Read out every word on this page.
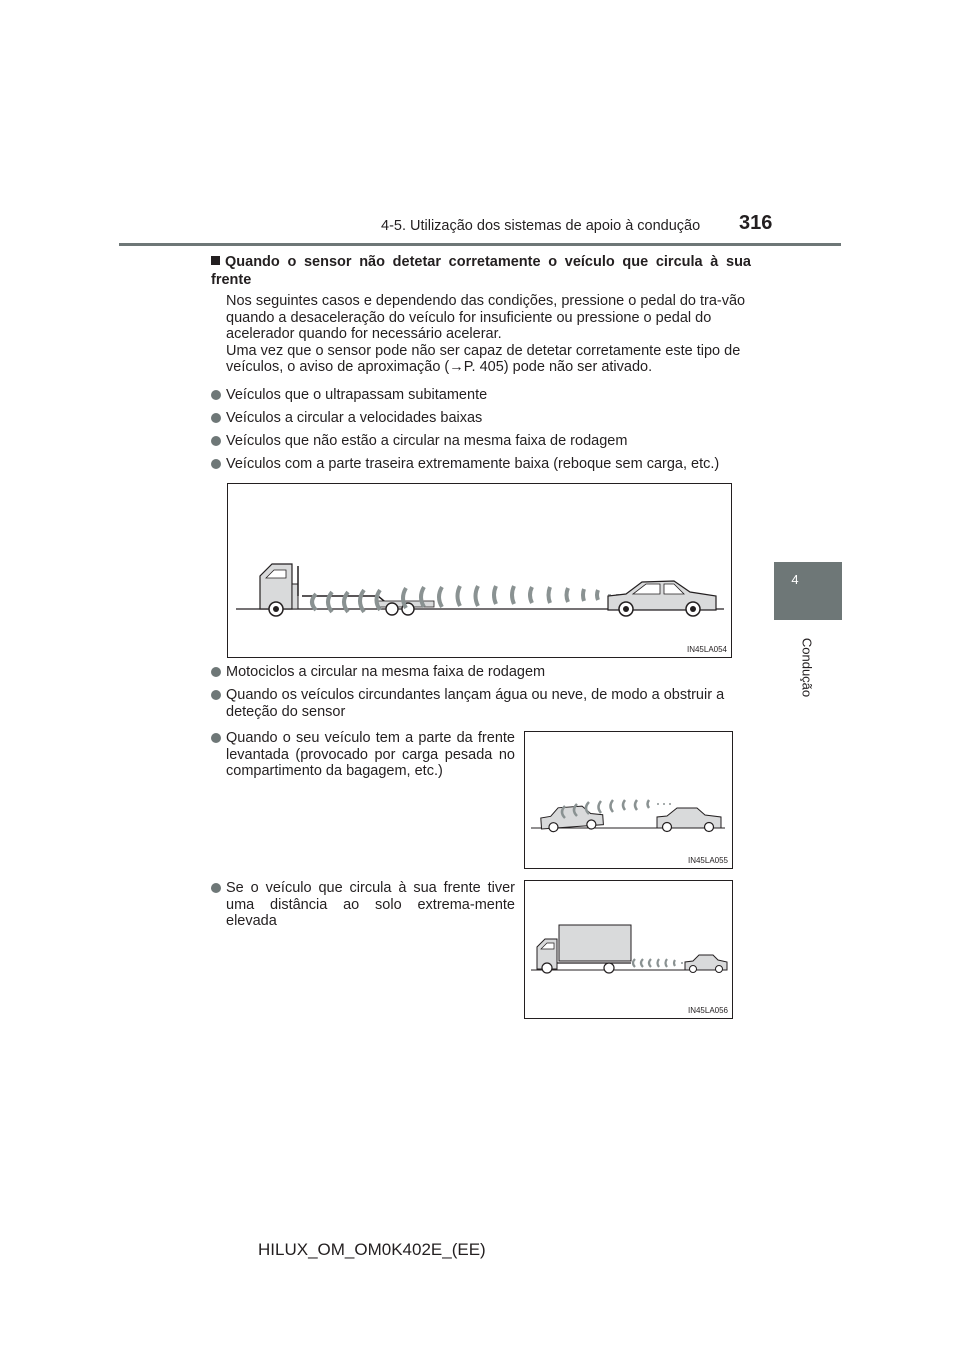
4-5. Utilização dos sistemas de apoio à condução 316
4
Condução
Quando o sensor não detetar corretamente o veículo que circula à sua frente

Nos seguintes casos e dependendo das condições, pressione o pedal do tra-vão quando a desaceleração do veículo for insuficiente ou pressione o pedal do acelerador quando for necessário acelerar.

Uma vez que o sensor pode não ser capaz de detetar corretamente este tipo de veículos, o aviso de aproximação (→P. 405) pode não ser ativado.

Veículos que o ultrapassam subitamente
Veículos a circular a velocidades baixas
Veículos que não estão a circular na mesma faixa de rodagem
Veículos com a parte traseira extremamente baixa (reboque sem carga, etc.)
IN45LA054
Motociclos a circular na mesma faixa de rodagem
Quando os veículos circundantes lançam água ou neve, de modo a obstruir a deteção do sensor
Quando o seu veículo tem a parte da frente levantada (provocado por carga pesada no compartimento da bagagem, etc.)
IN45LA055
Se o veículo que circula à sua frente tiver uma distância ao solo extrema-mente elevada
IN45LA056
HILUX_OM_OM0K402E_(EE)
